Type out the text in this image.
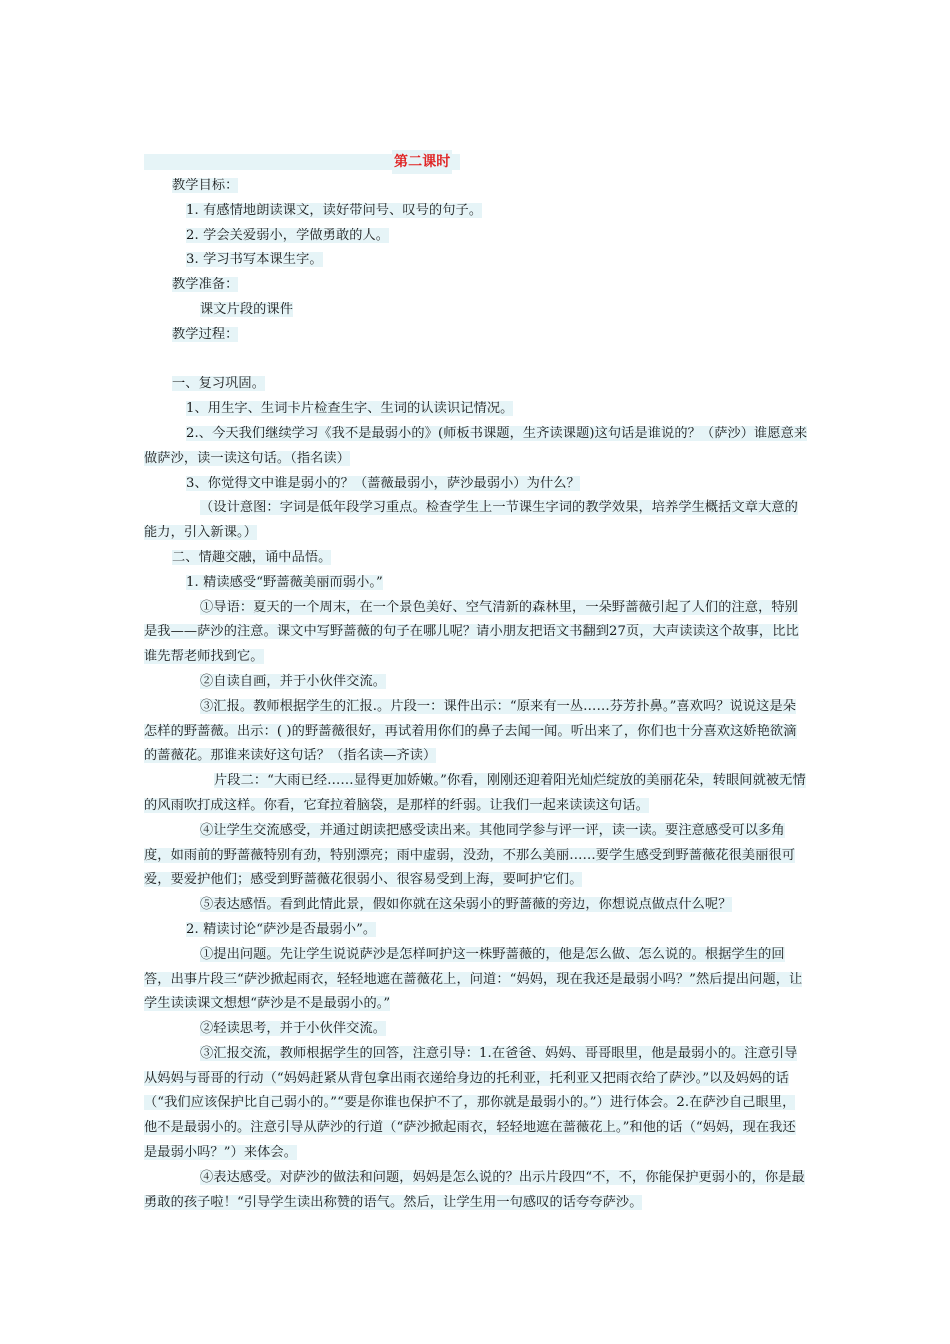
第二课时
教学目标：
1. 有感情地朗读课文，读好带问号、叹号的句子。
2. 学会关爱弱小，学做勇敢的人。
3. 学习书写本课生字。
教学准备：
课文片段的课件
教学过程：
一、复习巩固。
1、用生字、生词卡片检查生字、生词的认读识记情况。
2.、今天我们继续学习《我不是最弱小的》(师板书课题，生齐读课题)这句话是谁说的？（萨沙）谁愿意来做萨沙，读一读这句话。（指名读）
3、你觉得文中谁是弱小的？（蔷薇最弱小，萨沙最弱小）为什么？
（设计意图：字词是低年段学习重点。检查学生上一节课生字词的教学效果，培养学生概括文章大意的能力，引入新课。）
二、情趣交融，诵中品悟。
1. 精读感受“野蔷薇美丽而弱小。”
①导语：夏天的一个周末，在一个景色美好、空气清新的森林里，一朵野蔷薇引起了人们的注意，特别是我——萨沙的注意。课文中写野蔷薇的句子在哪儿呢？请小朋友把语文书翻到27页，大声读读这个故事，比比谁先帮老师找到它。
②自读自画，并于小伙伴交流。
③汇报。教师根据学生的汇报.。片段一：课件出示：“原来有一丛……芬芳扑鼻。”喜欢吗？说说这是朵怎样的野蔷薇。出示：( )的野蔷薇很好，再试着用你们的鼻子去闻一闻。听出来了，你们也十分喜欢这娇艳欲滴的蔷薇花。那谁来读好这句话？（指名读—齐读）
片段二：“大雨已经……显得更加娇嫩。”你看，刚刚还迎着阳光灿烂绽放的美丽花朵，转眼间就被无情的风雨吹打成这样。你看，它耷拉着脑袋，是那样的纤弱。让我们一起来读读这句话。
④让学生交流感受，并通过朗读把感受读出来。其他同学参与评一评，读一读。要注意感受可以多角度，如雨前的野蔷薇特别有劲，特别漂亮；雨中虚弱，没劲，不那么美丽……要学生感受到野蔷薇花很美丽很可爱，要爱护他们；感受到野蔷薇花很弱小、很容易受到上海，要呵护它们。
⑤表达感悟。看到此情此景，假如你就在这朵弱小的野蔷薇的旁边，你想说点做点什么呢？
2. 精读讨论“萨沙是否最弱小”。
①提出问题。先让学生说说萨沙是怎样呵护这一株野蔷薇的，他是怎么做、怎么说的。根据学生的回答，出事片段三“萨沙掀起雨衣，轻轻地遮在蔷薇花上，问道：“妈妈，现在我还是最弱小吗？”然后提出问题，让学生读读课文想想“萨沙是不是最弱小的。”
②轻读思考，并于小伙伴交流。
③汇报交流，教师根据学生的回答，注意引导：1.在爸爸、妈妈、哥哥眼里，他是最弱小的。注意引导从妈妈与哥哥的行动（“妈妈赶紧从背包拿出雨衣递给身边的托利亚，托利亚又把雨衣给了萨沙。”以及妈妈的话（“我们应该保护比自己弱小的。”“要是你谁也保护不了，那你就是最弱小的。”）进行体会。2.在萨沙自己眼里，他不是最弱小的。注意引导从萨沙的行道（“萨沙掀起雨衣，轻轻地遮在蔷薇花上。”和他的话（“妈妈，现在我还是最弱小吗？”）来体会。
④表达感受。对萨沙的做法和问题，妈妈是怎么说的？出示片段四“不，不，你能保护更弱小的，你是最勇敢的孩子啦！“引导学生读出称赞的语气。然后，让学生用一句感叹的话夸夸萨沙。
